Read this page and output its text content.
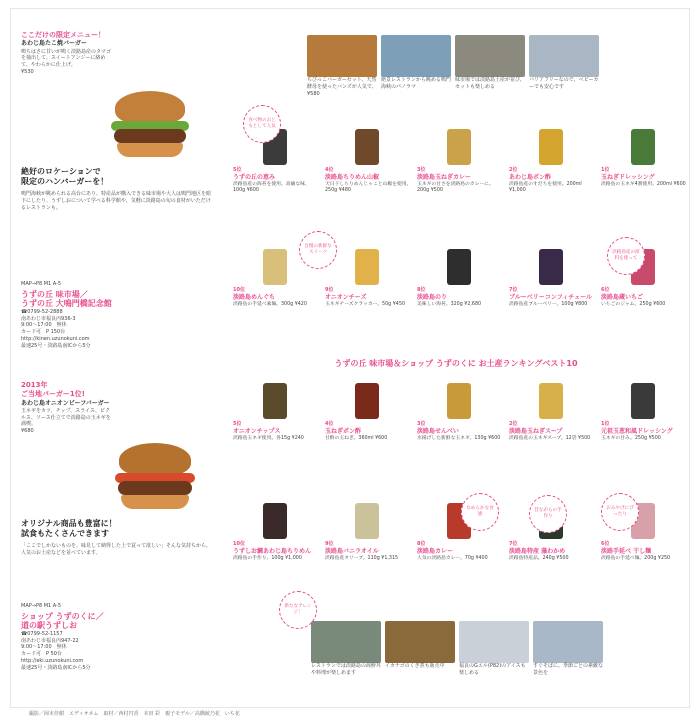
ここだけの限定メニュー！
あわじ島たこ焼バーガー
鳴ちはさに甘いが鳴く淡路島産のタマゴを抽出して、スイートアンジーに絡めて、やわらかに仕上げ。
¥530
絶好のロケーションで
限定のハンバーガーを！
鳴門海峡が眺められる高台にあり、特産品が購入できる味市場や大人は鳴門地区を眼下にしたり、うずしおについて学べる科学館や、気軽に淡路島の旬の食材がいただけるレストランも。
MAP→P8 M1 A-5
うずの丘 味市場／
うずの丘 大鳴門橋記念館
☎0799-52-2888
南あわじ市福良丙936-3
9:00〜17:00　無休
カード可　P 150台
http://kinen.uzunokuni.com
最速25号・淡路島南ICから5分
2013年
ご当地バーガー1位!
あわじ島オニオンビーフバーガー
玉ネギをカツ、チップ、スライス、ピクルス、ソース仕立てで淡路島の玉ネギを満喫。
¥680
オリジナル商品も豊富に！
試食もたくさんできます
「ここでしかないものを、味見して納得した上で買って欲しい」そんな気持ちから、人気のお土産などを並べています。
MAP→P8 M1 A-5
ショップ うずのくに／
道の駅うずしお
☎0799-52-1157
南あわじ市福良丙947-22
9:00〜17:00　無休
カード可　P 50台
http://eki.uzunokuni.com
最速25号・淡路島南ICから5分
ちびっこバーガーセット。天然酵母を使ったバンズが人気で、¥580
絶景レストランから眺める鳴門海峡のパノラマ
味市場では淡路島土産が並び、セットも楽しめる
バリアフリーなので、ベビーカーでも安心です
5位
うずの丘の恵み
淡路島産の海苔を使用。高級な味、100g ¥600
4位
淡路島ちりめん山椒
天日干しちりめんじゃこと山椒を使用。250g ¥480
3位
淡路島玉ねぎカレー
玉ネギの甘さを淡路島のカレーに。200g ¥500
2位
あわじ島ポン酢
淡路島産のすだちを使用。200ml ¥1,000
1位
玉ねぎドレッシング
淡路島の玉ネギ4割使用。200ml ¥600
10位
淡路島めんぐち
淡路島の手延べ素麺。300g ¥420
9位
オニオンチーズ
玉ネギチーズクラッカー。50g ¥450
8位
淡路島のり
美味しい海苔。320g ¥2,680
7位
ブルーベリーコンフィチュール
淡路島産ブルーベリー。100g ¥800
6位
淡路島蔵いちご
いちごのジャム。250g ¥600
うずの丘 味市場＆ショップ うずのくに お土産ランキングベスト10
5位
オニオンチップス
淡路島玉ネギ使用。各15g ¥240
4位
玉ねぎポン酢
甘酢の玉ねぎ。360ml ¥600
3位
淡路島せんべい
水揚げした新鮮な玉ネギ。130g ¥600
2位
淡路島玉ねぎスープ
淡路島産の玉ネギスープ。12袋 ¥500
1位
元祖玉葱和風ドレッシング
玉ネギの甘み。250g ¥500
10位
うずしお鯛あわじ島ちりめん
淡路島の手作り。100g ¥1,000
9位
淡路島バニラオイル
淡路島産オリーブ。110g ¥1,315
8位
淡路島カレー
人気の淡路島カレー。70g ¥400
7位
淡路島特産 藻わかめ
淡路島特産品。240g ¥500
6位
淡路手延べ 干し麺
淡路島の手延べ麺。200g ¥250
食べ物のおともとして人気
自慢の新鮮なスイーツ	淡路島産の原料を使って
なめらかな食感
昔ながらの手作り
おみやげにぴったり
新たなアレンジ！
レストランでは淡路島の海鮮丼や料理が楽しめます
イカナゴのくぎ煮も販売中	福良のGエル(P82)のアイスも楽しめる
すぐそばに、季節ごとの素敵な景色を
撮影／岡本佳樹　エディオネム　取材／西村円香　本田 彩　親子モデル／高橋綾乃花　いち花
